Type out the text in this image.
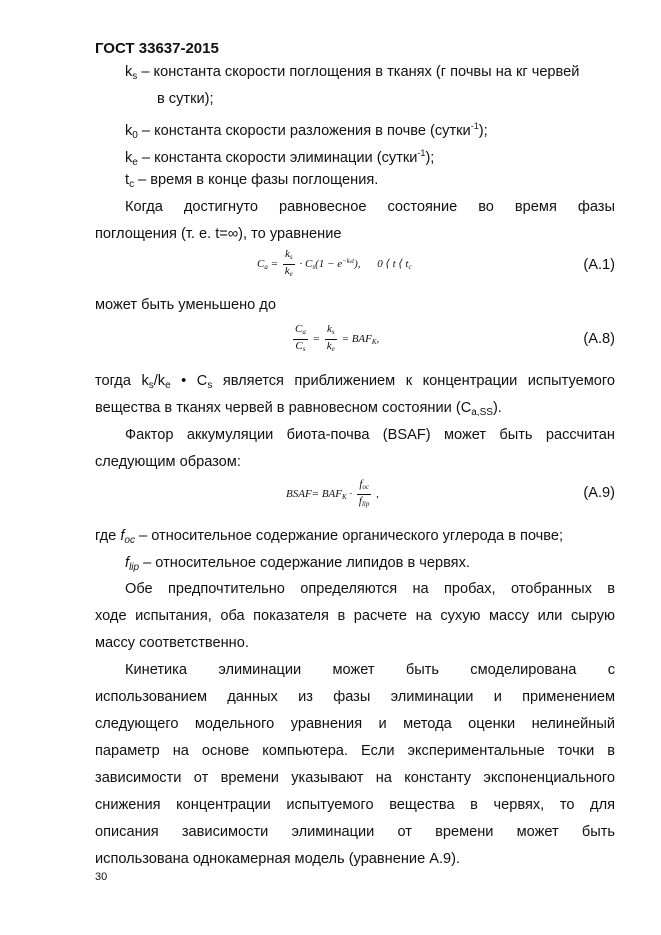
ГОСТ 33637-2015
$k_s$ – константа скорости поглощения в тканях (г почвы на кг червей
в сутки);
$k_0$ – константа скорости разложения в почве (сутки$^{-1}$);
$k_e$ – константа скорости элиминации (сутки$^{-1}$);
$t_c$ – время в конце фазы поглощения.
Когда достигнуто равновесное состояние во время фазы
поглощения (т. е. t=∞), то уравнение
$Ca = \frac{ks}{ke} \cdot Cs(1 - e^{-ket})$, 0 ⟨ t ⟨ tc	(A.1)
может быть уменьшено до
$\frac{Ca}{Cs} = \frac{ks}{ke}$ = BAFK,	(A.8)
тогда $k_s/k_e$ • $C_s$ является приближением к концентрации испытуемого
вещества в тканях червей в равновесном состоянии $(C_{a,SS})$.
Фактор аккумуляции биота-почва (BSAF) может быть рассчитан
следующим образом:
BSAF= BAFK · $\frac{\text{foc}}{\text{flip}}$ ,	(A.9)
где $f_{oc}$ – относительное содержание органического углерода в почве;
$f_{lip}$ – относительное содержание липидов в червях.
Обе предпочтительно определяются на пробах, отобранных в
ходе испытания, оба показателя в расчете на сухую массу или сырую
массу соответственно.
Кинетика элиминации может быть смоделирована с
использованием данных из фазы элиминации и применением
следующего модельного уравнения и метода оценки нелинейный
параметр на основе компьютера. Если экспериментальные точки в
зависимости от времени указывают на константу экспоненциального
снижения концентрации испытуемого вещества в червях, то для
описания зависимости элиминации от времени может быть
использована однокамерная модель (уравнение А.9).
30
